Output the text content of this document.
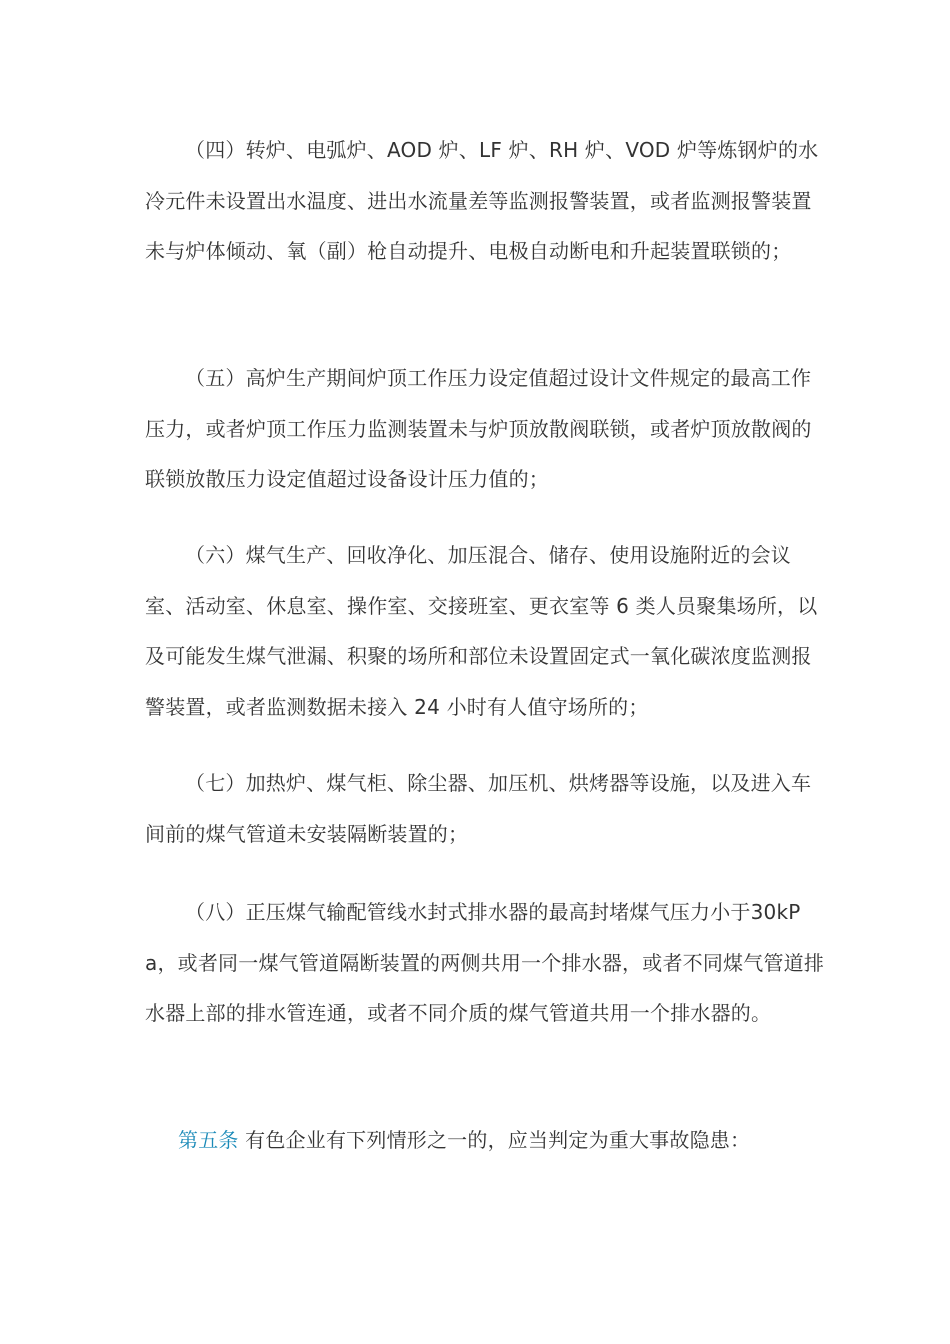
（四）转炉、电弧炉、AOD 炉、LF 炉、RH 炉、VOD 炉等炼钢炉的水冷元件未设置出水温度、进出水流量差等监测报警装置，或者监测报警装置未与炉体倾动、氧（副）枪自动提升、电极自动断电和升起装置联锁的；

（五）高炉生产期间炉顶工作压力设定值超过设计文件规定的最高工作压力，或者炉顶工作压力监测装置未与炉顶放散阀联锁，或者炉顶放散阀的联锁放散压力设定值超过设备设计压力值的；

（六）煤气生产、回收净化、加压混合、储存、使用设施附近的会议室、活动室、休息室、操作室、交接班室、更衣室等 6 类人员聚集场所，以及可能发生煤气泄漏、积聚的场所和部位未设置固定式一氧化碳浓度监测报警装置，或者监测数据未接入 24 小时有人值守场所的；

（七）加热炉、煤气柜、除尘器、加压机、烘烤器等设施，以及进入车间前的煤气管道未安装隔断装置的；

（八）正压煤气输配管线水封式排水器的最高封堵煤气压力小于30kPa，或者同一煤气管道隔断装置的两侧共用一个排水器，或者不同煤气管道排水器上部的排水管连通，或者不同介质的煤气管道共用一个排水器的。

第五条 有色企业有下列情形之一的，应当判定为重大事故隐患：
